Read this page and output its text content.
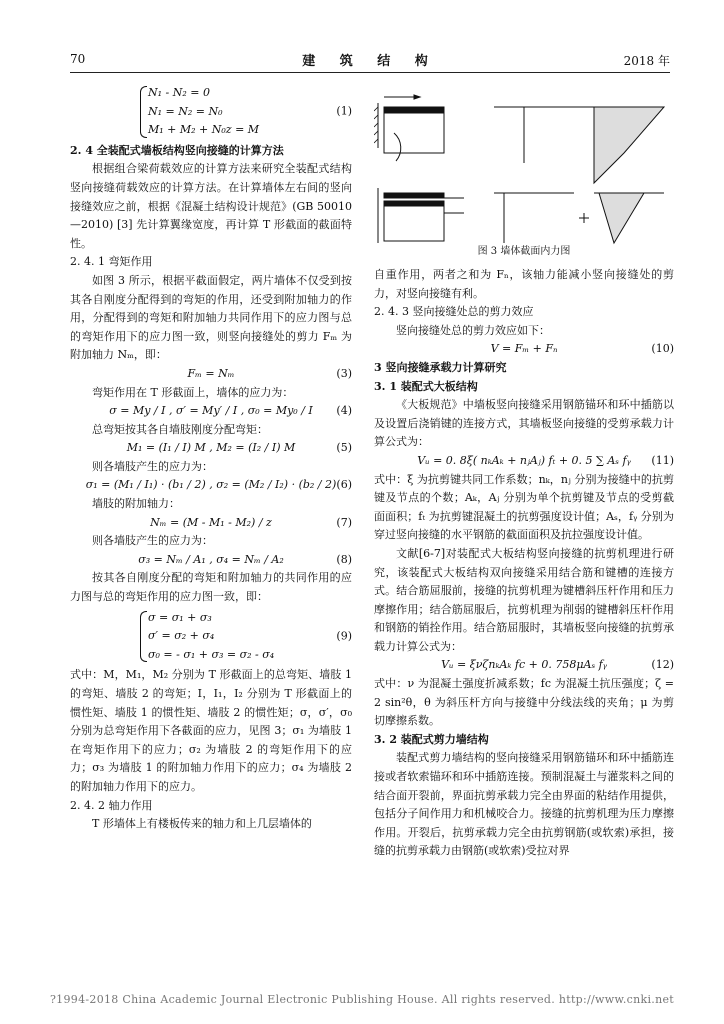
70	建 筑 结 构	2018 年
N₁ - N₂ = 0
N₁ = N₂ = N₀
M₁ + M₂ + N₀z = M
(1)

2. 4 全装配式墙板结构竖向接缝的计算方法

根据组合梁荷载效应的计算方法来研究全装配式结构竖向接缝荷载效应的计算方法。在计算墙体左右间的竖向接缝效应之前，根据《混凝土结构设计规范》(GB 50010—2010) [3] 先计算翼缘宽度，再计算 T 形截面的截面特性。

2. 4. 1 弯矩作用

如图 3 所示，根据平截面假定，两片墙体不仅受到按其各自刚度分配得到的弯矩的作用，还受到附加轴力的作用，分配得到的弯矩和附加轴力共同作用下的应力图与总的弯矩作用下的应力图一致，则竖向接缝处的剪力 Fₘ 为附加轴力 Nₘ，即：

Fₘ = Nₘ	(3)

弯矩作用在 T 形截面上，墙体的应力为：

σ = My / I , σ′ = My′ / I , σ₀ = My₀ / I (4)

总弯矩按其各自墙肢刚度分配弯矩：

M₁ = (I₁ / I) M , M₂ = (I₂ / I) M	(5)

则各墙肢产生的应力为：

σ₁ = (M₁ / I₁) · (b₁ / 2) , σ₂ = (M₂ / I₂) · (b₂ / 2) (6)

墙肢的附加轴力：

Nₘ = (M - M₁ - M₂) / z	(7)

则各墙肢产生的应力为：

σ₃ = Nₘ / A₁ , σ₄ = Nₘ / A₂	(8)

按其各自刚度分配的弯矩和附加轴力的共同作用的应力图与总的弯矩作用的应力图一致，即：

σ = σ₁ + σ₃
σ′ = σ₂ + σ₄
σ₀ = - σ₁ + σ₃ = σ₂ - σ₄
(9)

式中：M，M₁，M₂ 分别为 T 形截面上的总弯矩、墙肢 1 的弯矩、墙肢 2 的弯矩；I，I₁，I₂ 分别为 T 形截面上的惯性矩、墙肢 1 的惯性矩、墙肢 2 的惯性矩；σ，σ′，σ₀ 分别为总弯矩作用下各截面的应力，见图 3；σ₁ 为墙肢 1 在弯矩作用下的应力；σ₂ 为墙肢 2 的弯矩作用下的应力；σ₃ 为墙肢 1 的附加轴力作用下的应力；σ₄ 为墙肢 2 的附加轴力作用下的应力。

2. 4. 2 轴力作用

T 形墙体上有楼板传来的轴力和上几层墙体的

图 3 墙体截面内力图

自重作用，两者之和为 Fₙ，该轴力能减小竖向接缝处的剪力，对竖向接缝有利。

2. 4. 3 竖向接缝处总的剪力效应

竖向接缝处总的剪力效应如下：

V = Fₘ + Fₙ	(10)

3 竖向接缝承载力计算研究

3. 1 装配式大板结构

《大板规范》中墙板竖向接缝采用钢筋锚环和环中插筋以及设置后浇销键的连接方式，其墙板竖向接缝的受剪承载力计算公式为：

Vᵤ = 0. 8ξ( nₖAₖ + nⱼAⱼ) fₜ + 0. 5 ∑ Aₛ fᵧ (11)

式中：ξ 为抗剪键共同工作系数；nₖ，nⱼ 分别为接缝中的抗剪键及节点的个数；Aₖ，Aⱼ 分别为单个抗剪键及节点的受剪截面面积；fₜ 为抗剪键混凝土的抗剪强度设计值；Aₛ，fᵧ 分别为穿过竖向接缝的水平钢筋的截面面积及抗拉强度设计值。

文献[6-7]对装配式大板结构竖向接缝的抗剪机理进行研究，该装配式大板结构双向接缝采用结合筋和键槽的连接方式。结合筋屈服前，接缝的抗剪机理为键槽斜压杆作用和压力摩擦作用；结合筋屈服后，抗剪机理为削弱的键槽斜压杆作用和钢筋的销拴作用。结合筋屈服时，其墙板竖向接缝的抗剪承载力计算公式为：

Vᵤ = ξνζnₖAₖ fc + 0. 758μAₛ fᵧ	(12)

式中：ν 为混凝土强度折减系数；fc 为混凝土抗压强度；ζ = 2 sin²θ，θ 为斜压杆方向与接缝中分线法线的夹角；μ 为剪切摩擦系数。

3. 2 装配式剪力墙结构

装配式剪力墙结构的竖向接缝采用钢筋锚环和环中插筋连接或者软索锚环和环中插筋连接。预制混凝土与灌浆料之间的结合面开裂前，界面抗剪承载力完全由界面的粘结作用提供，包括分子间作用力和机械咬合力。接缝的抗剪机理为压力摩擦作用。开裂后，抗剪承载力完全由抗剪钢筋(或软索)承担，接缝的抗剪承载力由钢筋(或软索)受拉对界

?1994-2018 China Academic Journal Electronic Publishing House. All rights reserved. http://www.cnki.net
